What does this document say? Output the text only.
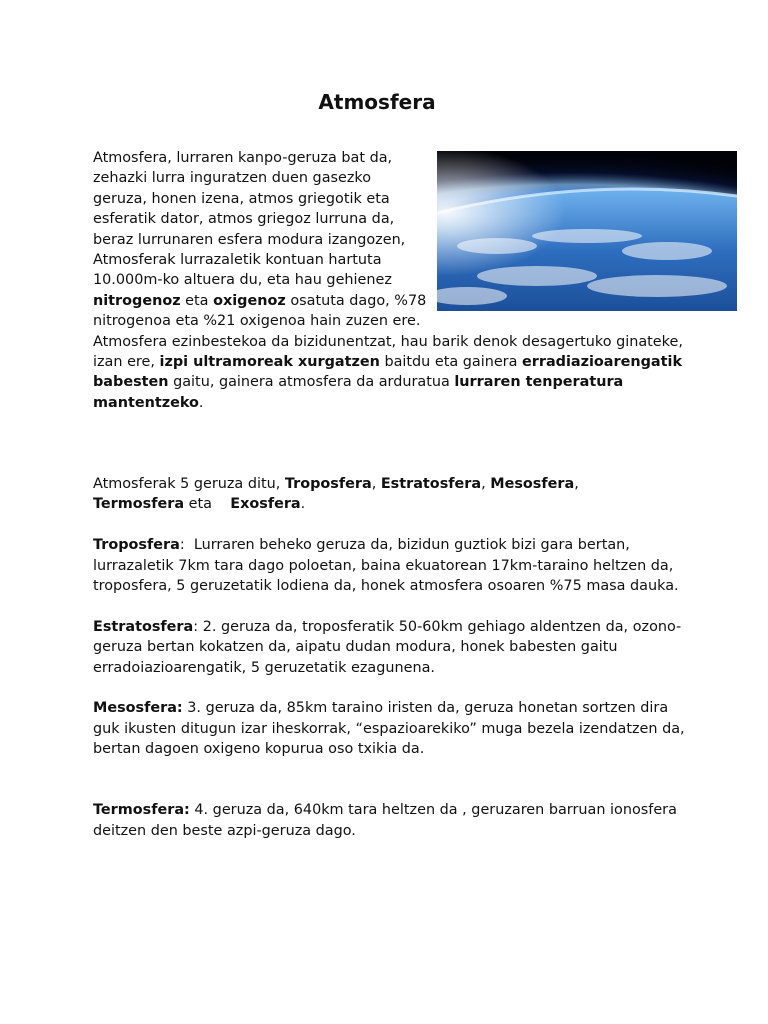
Atmosfera

Atmosfera, lurraren kanpo-geruza bat da, zehazki lurra inguratzen duen gasezko geruza, honen izena, atmos griegotik eta esferatik dator, atmos griegoz lurruna da, beraz lurrunaren esfera modura izangozen, Atmosferak lurrazaletik kontuan hartuta 10.000m-ko altuera du, eta hau gehienez nitrogenoz eta oxigenoz osatuta dago, %78 nitrogenoa eta %21 oxigenoa hain zuzen ere. Atmosfera ezinbestekoa da bizidunentzat, hau barik denok desagertuko ginateke, izan ere, izpi ultramoreak xurgatzen baitdu eta gainera erradiazioarengatik babesten gaitu, gainera atmosfera da arduratua lurraren tenperatura mantentzeko.

Atmosferak 5 geruza ditu, Troposfera, Estratosfera, Mesosfera,
Termosfera eta    Exosfera.

Troposfera:  Lurraren beheko geruza da, bizidun guztiok bizi gara bertan, lurrazaletik 7km tara dago poloetan, baina ekuatorean 17km-taraino heltzen da, troposfera, 5 geruzetatik lodiena da, honek atmosfera osoaren %75 masa dauka.

Estratosfera: 2. geruza da, troposferatik 50-60km gehiago aldentzen da, ozono-geruza bertan kokatzen da, aipatu dudan modura, honek babesten gaitu erradoiazioarengatik, 5 geruzetatik ezagunena.

Mesosfera: 3. geruza da, 85km taraino iristen da, geruza honetan sortzen dira guk ikusten ditugun izar iheskorrak, “espazioarekiko” muga bezela izendatzen da, bertan dagoen oxigeno kopurua oso txikia da.

Termosfera: 4. geruza da, 640km tara heltzen da , geruzaren barruan ionosfera deitzen den beste azpi-geruza dago.
